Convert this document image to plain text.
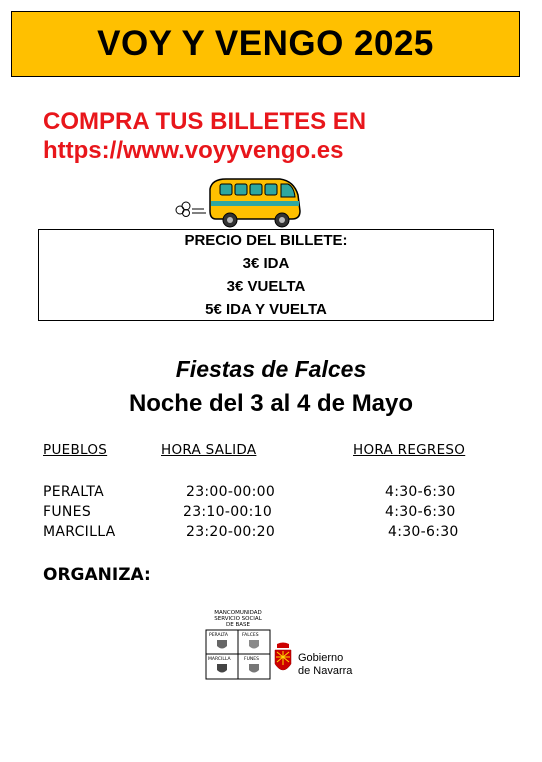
VOY Y VENGO 2025
COMPRA TUS BILLETES EN
https://www.voyyvengo.es
PRECIO DEL BILLETE:
3€ IDA
3€ VUELTA
5€ IDA Y VUELTA
Fiestas de Falces
Noche del 3 al 4 de Mayo
PUEBLOS	HORA SALIDA	HORA REGRESO
PERALTA	23:00-00:00	4:30-6:30
FUNES	23:10-00:10	4:30-6:30
MARCILLA	23:20-00:20	4:30-6:30
ORGANIZA:
MANCOMUNIDAD
SERVICIO SOCIAL
DE BASE
PERALTA	FALCES
MARCILLA	FUNES	Gobierno
de Navarra
